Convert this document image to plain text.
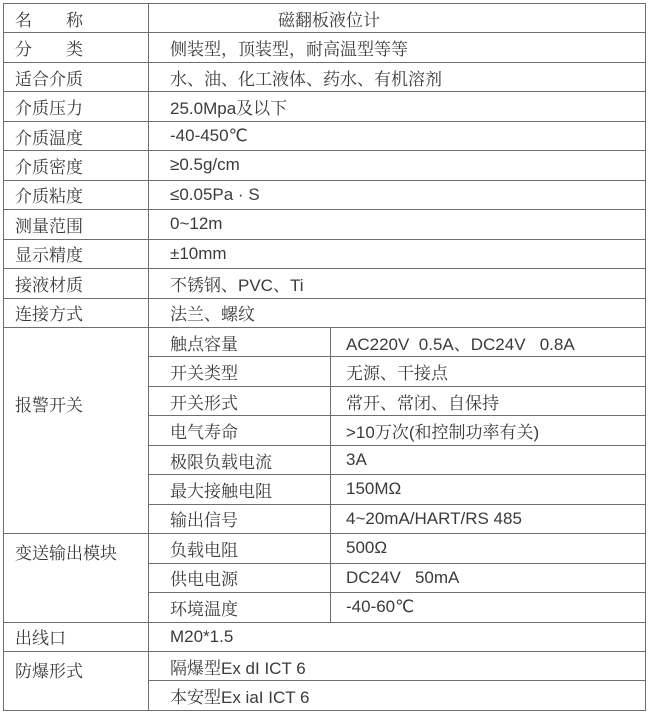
名　　称	磁翻板液位计	
分　　类	侧装型，顶装型，耐高温型等等	
适合介质	水、油、化工液体、药水、有机溶剂	
介质压力	25.0Mpa及以下	
介质温度	-40-450℃	
介质密度	≥0.5g/cm	
介质粘度	≤0.05Pa · S	
测量范围	0~12m	
显示精度	±10mm	
接液材质	不锈钢、PVC、Ti	
连接方式	法兰、螺纹	
报警开关	触点容量	AC220V  0.5A、DC24V   0.8A
	开关类型	无源、干接点
	开关形式	常开、常闭、自保持
	电气寿命	>10万次(和控制功率有关)
	极限负载电流	3A
	最大接触电阻	150MΩ
	输出信号	4~20mA/HART/RS 485
变送输出模块	负载电阻	500Ω
	供电电源	DC24V   50mA
	环境温度	-40-60℃
出线口	M20*1.5	
防爆形式	隔爆型Ex dI ICT 6	
	本安型Ex iaI ICT 6	
